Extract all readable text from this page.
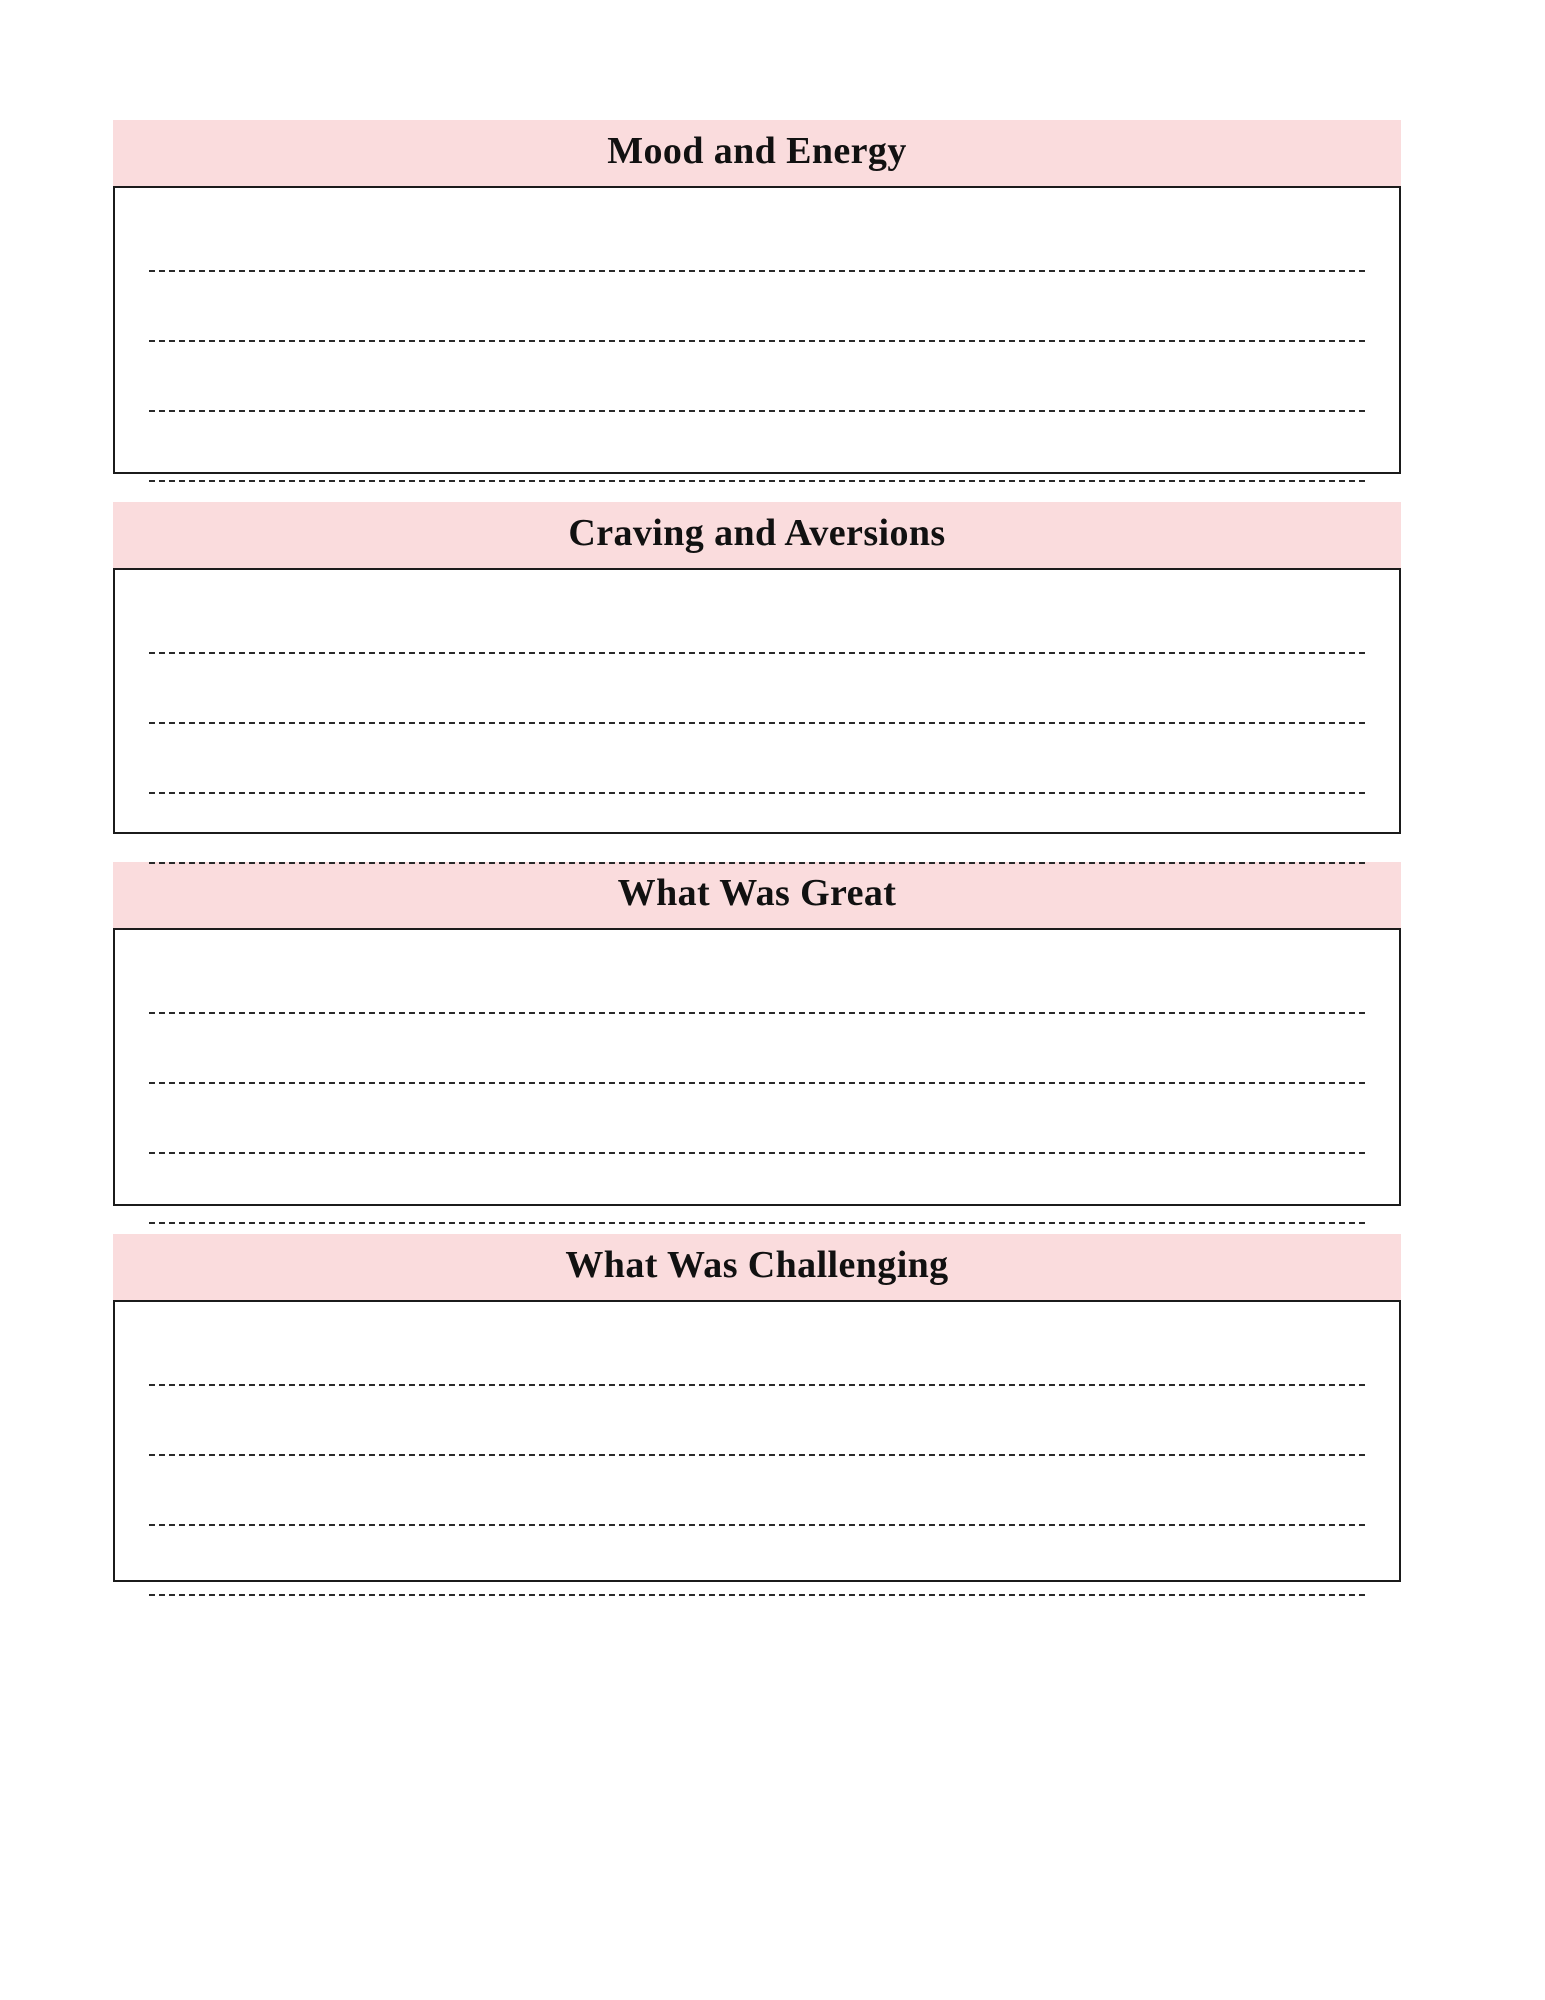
Mood and Energy
Craving and Aversions
What Was Great
What Was Challenging
